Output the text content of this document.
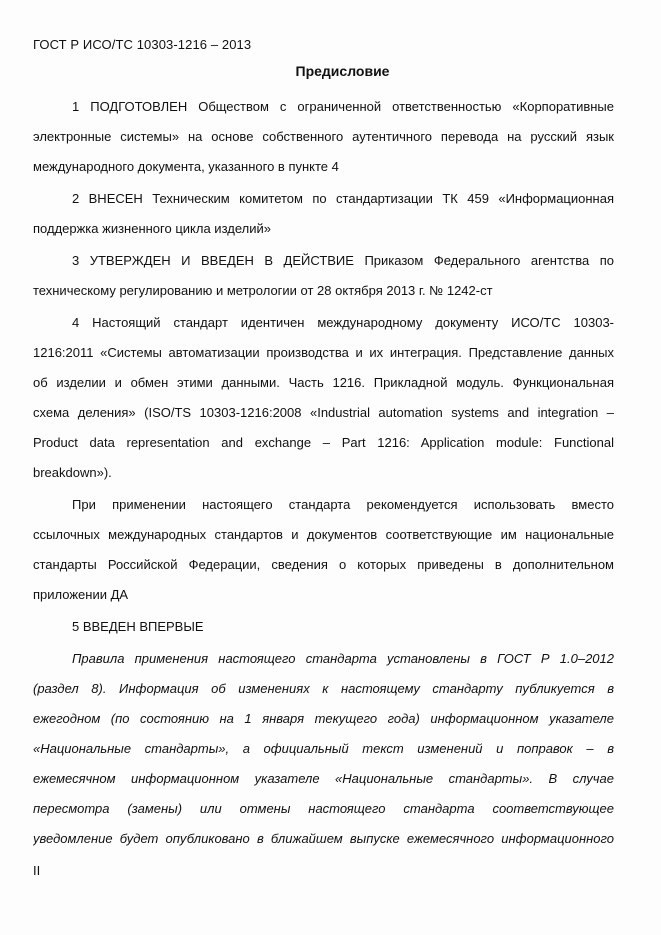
ГОСТ Р ИСО/ТС 10303-1216 – 2013
Предисловие
1 ПОДГОТОВЛЕН Обществом с ограниченной ответственностью «Корпоративные
электронные системы» на основе собственного аутентичного перевода на русский язык
международного документа, указанного в пункте 4
2 ВНЕСЕН Техническим комитетом по стандартизации ТК 459 «Информационная
поддержка жизненного цикла изделий»
3 УТВЕРЖДЕН И ВВЕДЕН В ДЕЙСТВИЕ Приказом Федерального агентства по
техническому регулированию и метрологии от 28 октября 2013 г. № 1242-ст
4 Настоящий стандарт идентичен международному документу ИСО/ТС 10303-
1216:2011 «Системы автоматизации производства и их интеграция. Представление данных
об изделии и обмен этими данными. Часть 1216. Прикладной модуль. Функциональная
схема деления» (ISO/TS 10303-1216:2008 «Industrial automation systems and integration –
Product data representation and exchange – Part 1216: Application module: Functional
breakdown»).
При применении настоящего стандарта рекомендуется использовать вместо
ссылочных международных стандартов и документов соответствующие им национальные
стандарты Российской Федерации, сведения о которых приведены в дополнительном
приложении ДА
5 ВВЕДЕН ВПЕРВЫЕ
Правила применения настоящего стандарта установлены в ГОСТ Р 1.0–2012
(раздел 8). Информация об изменениях к настоящему стандарту публикуется в
ежегодном (по состоянию на 1 января текущего года) информационном указателе
«Национальные стандарты», а официальный текст изменений и поправок – в
ежемесячном информационном указателе «Национальные стандарты». В случае
пересмотра (замены) или отмены настоящего стандарта соответствующее
уведомление будет опубликовано в ближайшем выпуске ежемесячного информационного
II
